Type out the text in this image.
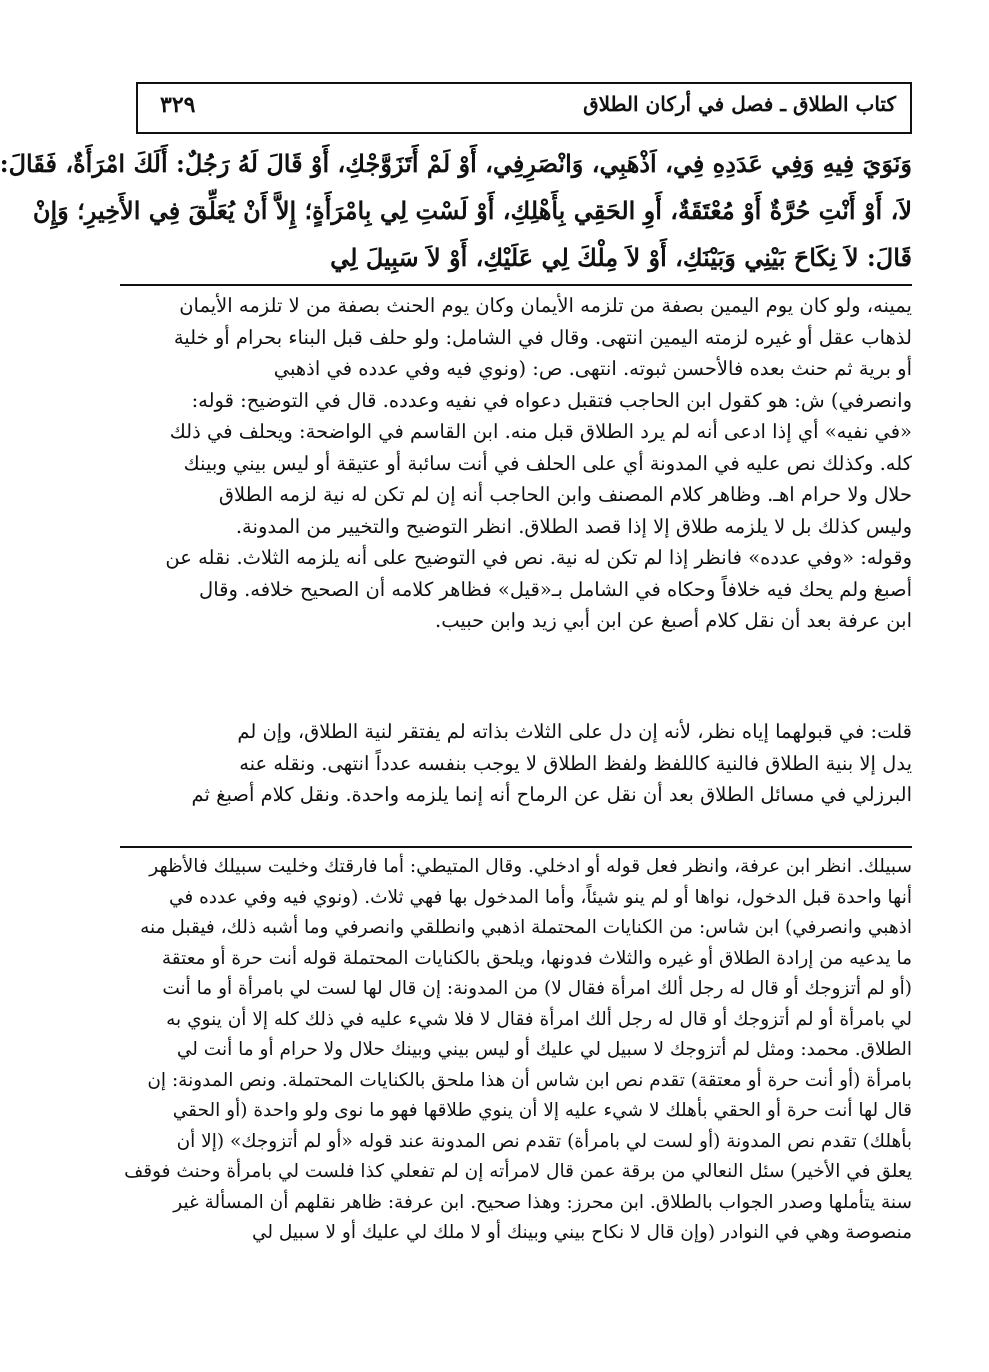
كتاب الطلاق ـ فصل في أركان الطلاق
٣٢٩
وَنَوَيَ فِيهِ وَفِي عَدَدِهِ فِي، اَذْهَبِي، وَانْصَرِفِي، أَوْ لَمْ أَتَزَوَّجْكِ، أَوْ قَالَ لَهُ رَجُلٌ: أَلَكَ امْرَأَةٌ، فَقَالَ:
لاَ، أَوْ أَنْتِ حُرَّةٌ أَوْ مُعْتَقَةٌ، أَوِ الحَقِي بِأَهْلِكِ، أَوْ لَسْتِ لِي بِامْرَأَةٍ؛ إِلاَّ أَنْ يُعَلِّقَ فِي الأَخِيرِ؛ وَإِنْ
قَالَ: لاَ نِكَاحَ بَيْنِي وَبَيْنَكِ، أَوْ لاَ مِلْكَ لِي عَلَيْكِ، أَوْ لاَ سَبِيلَ لِي
يمينه، ولو كان يوم اليمين بصفة من تلزمه الأيمان وكان يوم الحنث بصفة من لا تلزمه الأيمان
لذهاب عقل أو غيره لزمته اليمين انتهى. وقال في الشامل: ولو حلف قبل البناء بحرام أو خلية
أو برية ثم حنث بعده فالأحسن ثبوته. انتهى. ص: (ونوي فيه وفي عدده في اذهبي
وانصرفي) ش: هو كقول ابن الحاجب فتقبل دعواه في نفيه وعدده. قال في التوضيح: قوله:
«في نفيه» أي إذا ادعى أنه لم يرد الطلاق قبل منه. ابن القاسم في الواضحة: ويحلف في ذلك
كله. وكذلك نص عليه في المدونة أي على الحلف في أنت سائبة أو عتيقة أو ليس بيني وبينك
حلال ولا حرام اهـ. وظاهر كلام المصنف وابن الحاجب أنه إن لم تكن له نية لزمه الطلاق
وليس كذلك بل لا يلزمه طلاق إلا إذا قصد الطلاق. انظر التوضيح والتخيير من المدونة.
وقوله: «وفي عدده» فانظر إذا لم تكن له نية. نص في التوضيح على أنه يلزمه الثلاث. نقله عن
أصبغ ولم يحك فيه خلافاً وحكاه في الشامل بـ«قيل» فظاهر كلامه أن الصحيح خلافه. وقال
ابن عرفة بعد أن نقل كلام أصبغ عن ابن أبي زيد وابن حبيب.
قلت: في قبولهما إياه نظر، لأنه إن دل على الثلاث بذاته لم يفتقر لنية الطلاق، وإن لم
يدل إلا بنية الطلاق فالنية كاللفظ ولفظ الطلاق لا يوجب بنفسه عدداً انتهى. ونقله عنه
البرزلي في مسائل الطلاق بعد أن نقل عن الرماح أنه إنما يلزمه واحدة. ونقل كلام أصبغ ثم
سبيلك. انظر ابن عرفة، وانظر فعل قوله أو ادخلي. وقال المتيطي: أما فارقتك وخليت سبيلك فالأظهر
أنها واحدة قبل الدخول، نواها أو لم ينو شيئاً، وأما المدخول بها فهي ثلاث. (ونوي فيه وفي عدده في
اذهبي وانصرفي) ابن شاس: من الكنايات المحتملة اذهبي وانطلقي وانصرفي وما أشبه ذلك، فيقبل منه
ما يدعيه من إرادة الطلاق أو غيره والثلاث فدونها، ويلحق بالكنايات المحتملة قوله أنت حرة أو معتقة
(أو لم أتزوجك أو قال له رجل ألك امرأة فقال لا) من المدونة: إن قال لها لست لي بامرأة أو ما أنت
لي بامرأة أو لم أتزوجك أو قال له رجل ألك امرأة فقال لا فلا شيء عليه في ذلك كله إلا أن ينوي به
الطلاق. محمد: ومثل لم أتزوجك لا سبيل لي عليك أو ليس بيني وبينك حلال ولا حرام أو ما أنت لي
بامرأة (أو أنت حرة أو معتقة) تقدم نص ابن شاس أن هذا ملحق بالكنايات المحتملة. ونص المدونة: إن
قال لها أنت حرة أو الحقي بأهلك لا شيء عليه إلا أن ينوي طلاقها فهو ما نوى ولو واحدة (أو الحقي
بأهلك) تقدم نص المدونة (أو لست لي بامرأة) تقدم نص المدونة عند قوله «أو لم أتزوجك» (إلا أن
يعلق في الأخير) سئل النعالي من برقة عمن قال لامرأته إن لم تفعلي كذا فلست لي بامرأة وحنث فوقف
سنة يتأملها وصدر الجواب بالطلاق. ابن محرز: وهذا صحيح. ابن عرفة: ظاهر نقلهم أن المسألة غير
منصوصة وهي في النوادر (وإن قال لا نكاح بيني وبينك أو لا ملك لي عليك أو لا سبيل لي
